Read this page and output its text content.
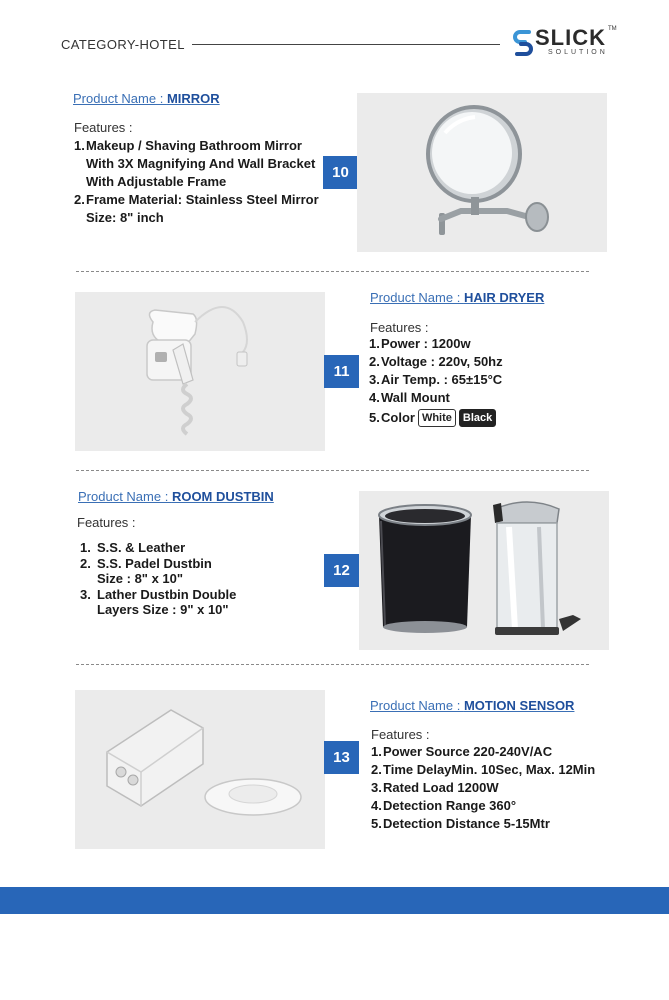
CATEGORY-HOTEL	SLICK
SOLUTION
TM
Product Name : MIRROR
Features :
1. Makeup / Shaving Bathroom Mirror With 3X Magnifying And Wall Bracket With Adjustable Frame
2. Frame Material: Stainless Steel Mirror Size: 8" inch
10
11
Product Name : HAIR DRYER
Features :
1. Power : 1200w
2. Voltage : 220v, 50hz
3. Air Temp. : 65±15°C
4. Wall Mount
5. Color White Black
Product Name : ROOM DUSTBIN
Features :
1. S.S. & Leather
2. S.S. Padel Dustbin Size : 8" x 10"
3. Lather Dustbin Double Layers Size : 9" x 10"
12
13
Product Name : MOTION SENSOR
Features :
1. Power Source 220-240V/AC
2. Time DelayMin. 10Sec, Max. 12Min
3. Rated Load 1200W
4. Detection Range 360°
5. Detection Distance 5-15Mtr
